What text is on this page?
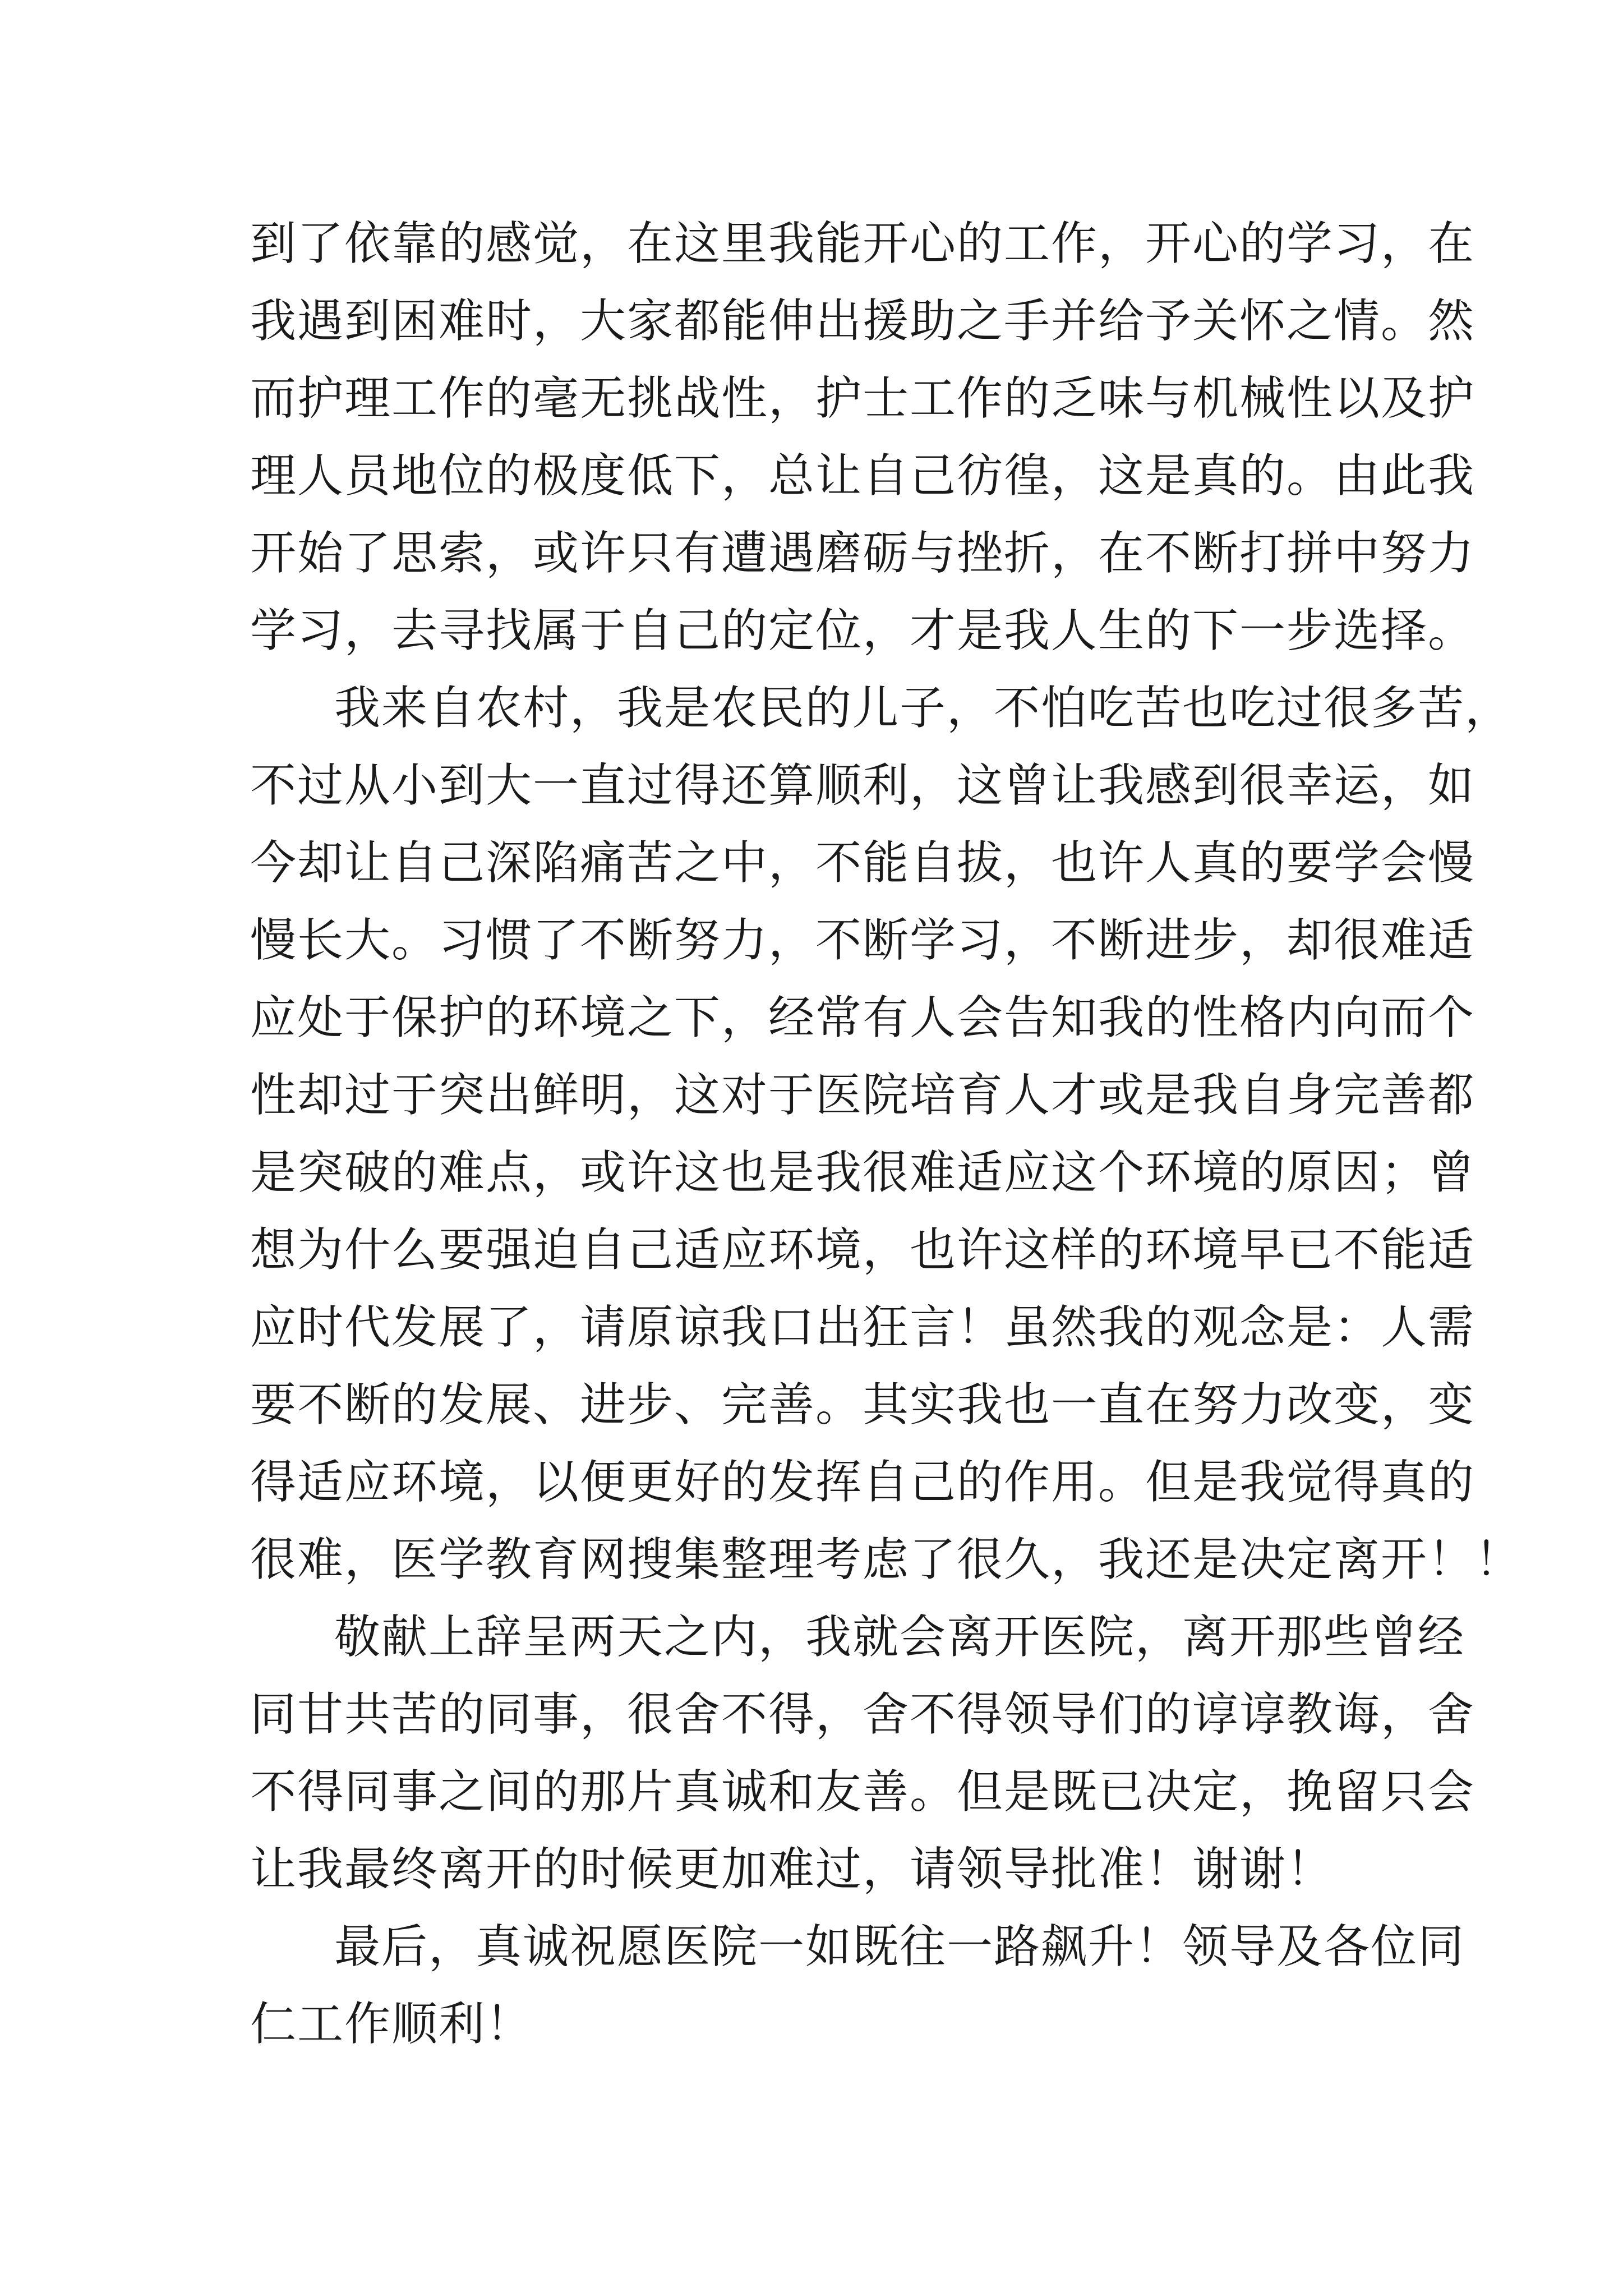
到了依靠的感觉，在这里我能开心的工作，开心的学习，在
我遇到困难时，大家都能伸出援助之手并给予关怀之情。然
而护理工作的毫无挑战性，护士工作的乏味与机械性以及护
理人员地位的极度低下，总让自己彷徨，这是真的。由此我
开始了思索，或许只有遭遇磨砺与挫折，在不断打拼中努力
学习，去寻找属于自己的定位，才是我人生的下一步选择。
我来自农村，我是农民的儿子，不怕吃苦也吃过很多苦，
不过从小到大一直过得还算顺利，这曾让我感到很幸运，如
今却让自己深陷痛苦之中，不能自拔，也许人真的要学会慢
慢长大。习惯了不断努力，不断学习，不断进步，却很难适
应处于保护的环境之下，经常有人会告知我的性格内向而个
性却过于突出鲜明，这对于医院培育人才或是我自身完善都
是突破的难点，或许这也是我很难适应这个环境的原因；曾
想为什么要强迫自己适应环境，也许这样的环境早已不能适
应时代发展了，请原谅我口出狂言！虽然我的观念是：人需
要不断的发展、进步、完善。其实我也一直在努力改变，变
得适应环境，以便更好的发挥自己的作用。但是我觉得真的
很难，医学教育网搜集整理考虑了很久，我还是决定离开！！
敬献上辞呈两天之内，我就会离开医院，离开那些曾经
同甘共苦的同事，很舍不得，舍不得领导们的谆谆教诲，舍
不得同事之间的那片真诚和友善。但是既已决定，挽留只会
让我最终离开的时候更加难过，请领导批准！谢谢！
最后，真诚祝愿医院一如既往一路飙升！领导及各位同
仁工作顺利！
